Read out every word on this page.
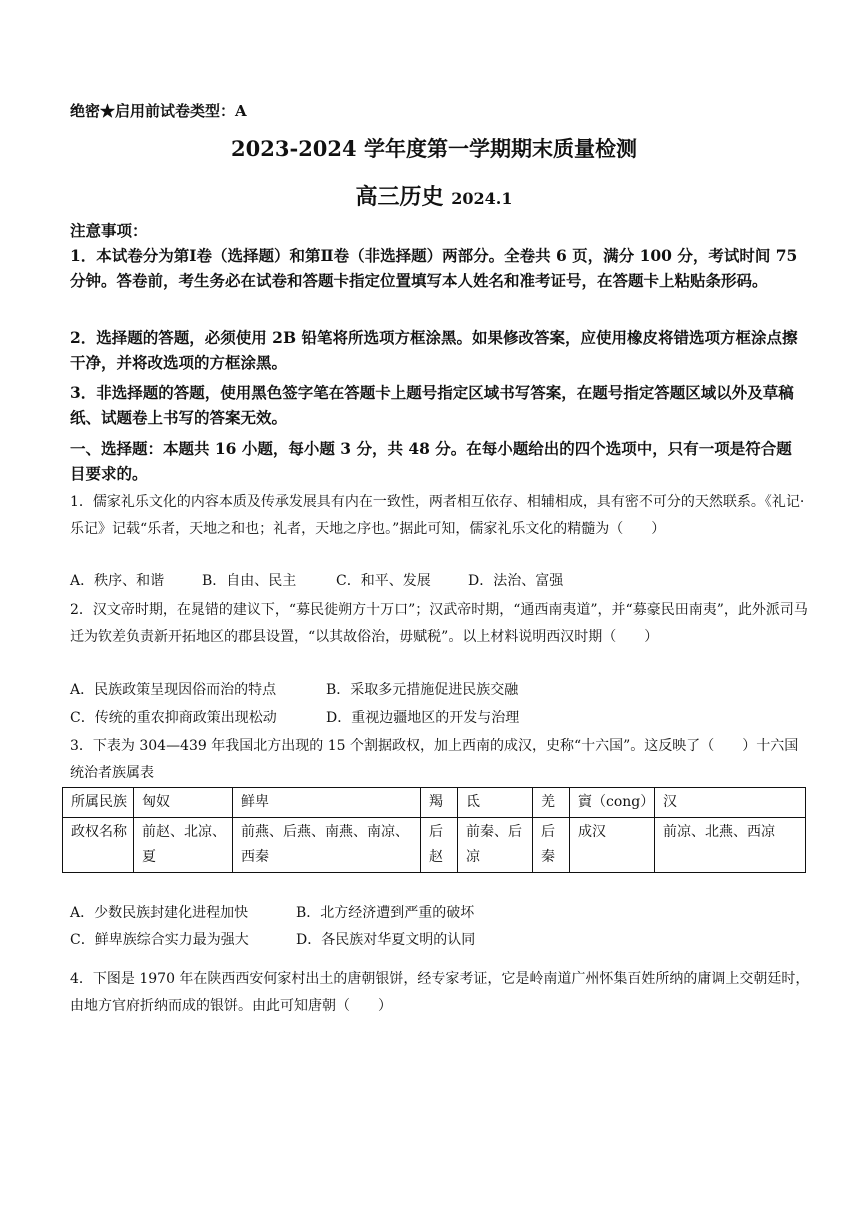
绝密★启用前试卷类型：A
2023-2024 学年度第一学期期末质量检测
高三历史 2024.1
注意事项：
1．本试卷分为第Ⅰ卷（选择题）和第Ⅱ卷（非选择题）两部分。全卷共 6 页，满分 100 分，考试时间 75 分钟。答卷前，考生务必在试卷和答题卡指定位置填写本人姓名和准考证号，在答题卡上粘贴条形码。
2．选择题的答题，必须使用 2B 铅笔将所选项方框涂黑。如果修改答案，应使用橡皮将错选项方框涂点擦干净，并将改选项的方框涂黑。
3．非选择题的答题，使用黑色签字笔在答题卡上题号指定区域书写答案，在题号指定答题区域以外及草稿纸、试题卷上书写的答案无效。
一、选择题：本题共 16 小题，每小题 3 分，共 48 分。在每小题给出的四个选项中，只有一项是符合题目要求的。
1．儒家礼乐文化的内容本质及传承发展具有内在一致性，两者相互依存、相辅相成，具有密不可分的天然联系。《礼记·乐记》记载“乐者，天地之和也；礼者，天地之序也。”据此可知，儒家礼乐文化的精髓为（　　）
A．秩序、和谐	B．自由、民主	C．和平、发展	D．法治、富强
2．汉文帝时期，在晁错的建议下，“募民徙朔方十万口”；汉武帝时期，“通西南夷道”，并“募豪民田南夷”，此外派司马迁为钦差负责新开拓地区的郡县设置，“以其故俗治，毋赋税”。以上材料说明西汉时期（　　）
A．民族政策呈现因俗而治的特点	B．采取多元措施促进民族交融
C．传统的重农抑商政策出现松动	D．重视边疆地区的开发与治理
3．下表为 304—439 年我国北方出现的 15 个割据政权，加上西南的成汉，史称“十六国”。这反映了（　　）十六国统治者族属表
所属民族	匈奴	鲜卑	羯	氐	羌	賨（cong）	汉
政权名称	前赵、北凉、夏	前燕、后燕、南燕、南凉、西秦	后赵	前秦、后凉	后秦	成汉	前凉、北燕、西凉
A．少数民族封建化进程加快	B．北方经济遭到严重的破坏
C．鲜卑族综合实力最为强大	D．各民族对华夏文明的认同
4．下图是 1970 年在陕西西安何家村出土的唐朝银饼，经专家考证，它是岭南道广州怀集百姓所纳的庸调上交朝廷时，由地方官府折纳而成的银饼。由此可知唐朝（　　）
